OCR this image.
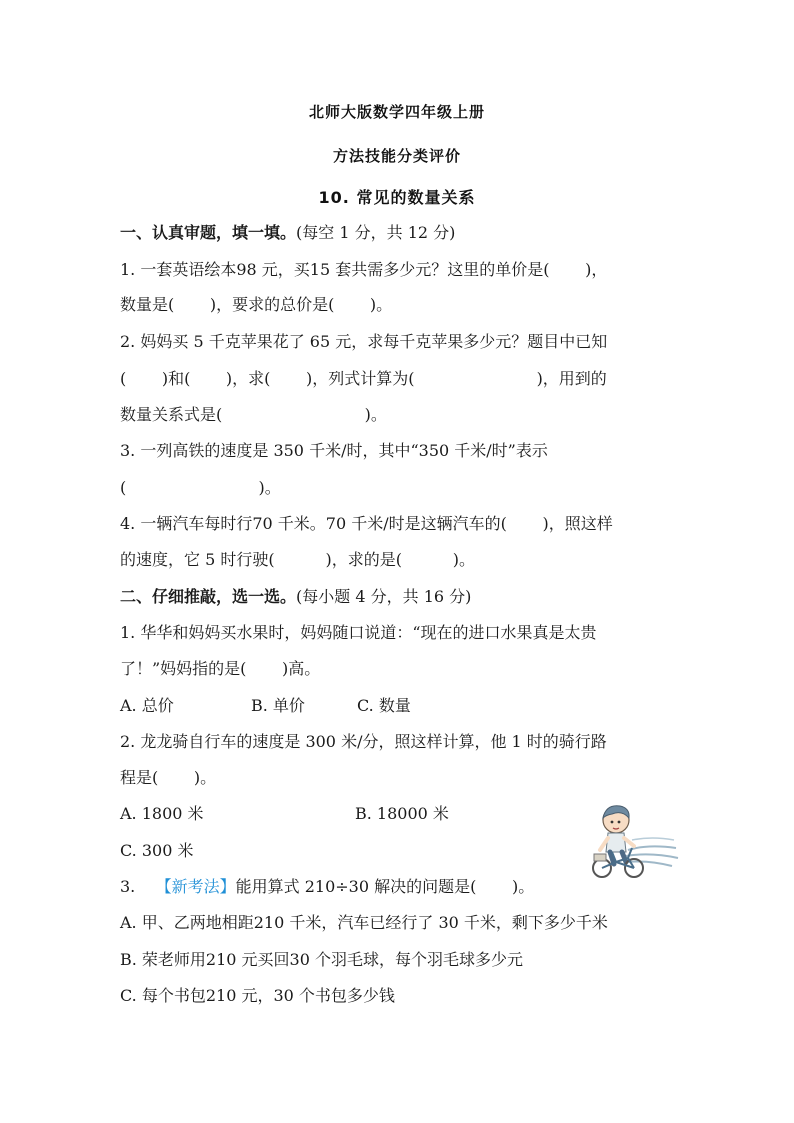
北师大版数学四年级上册
方法技能分类评价
10. 常见的数量关系
一、认真审题，填一填。(每空 1 分，共 12 分)
1. 一套英语绘本98 元，买15 套共需多少元？这里的单价是(       )，
数量是(       )，要求的总价是(       )。
2. 妈妈买 5 千克苹果花了 65 元，求每千克苹果多少元？题目中已知
(       )和(       )，求(       )，列式计算为(                        )，用到的
数量关系式是(                            )。
3. 一列高铁的速度是 350 千米/时，其中“350 千米/时”表示
(                          )。
4. 一辆汽车每时行70 千米。70 千米/时是这辆汽车的(       )，照这样
的速度，它 5 时行驶(          )，求的是(          )。
二、仔细推敲，选一选。(每小题 4 分，共 16 分)
1. 华华和妈妈买水果时，妈妈随口说道：“现在的进口水果真是太贵
了！”妈妈指的是(       )高。
A. 总价	B. 单价	C. 数量
2. 龙龙骑自行车的速度是 300 米/分，照这样计算，他 1 时的骑行路
程是(       )。
A. 1800 米	B. 18000 米
C. 300 米
3. 【新考法】能用算式 210÷30 解决的问题是(       )。
A. 甲、乙两地相距210 千米，汽车已经行了 30 千米，剩下多少千米
B. 荣老师用210 元买回30 个羽毛球，每个羽毛球多少元
C. 每个书包210 元，30 个书包多少钱
